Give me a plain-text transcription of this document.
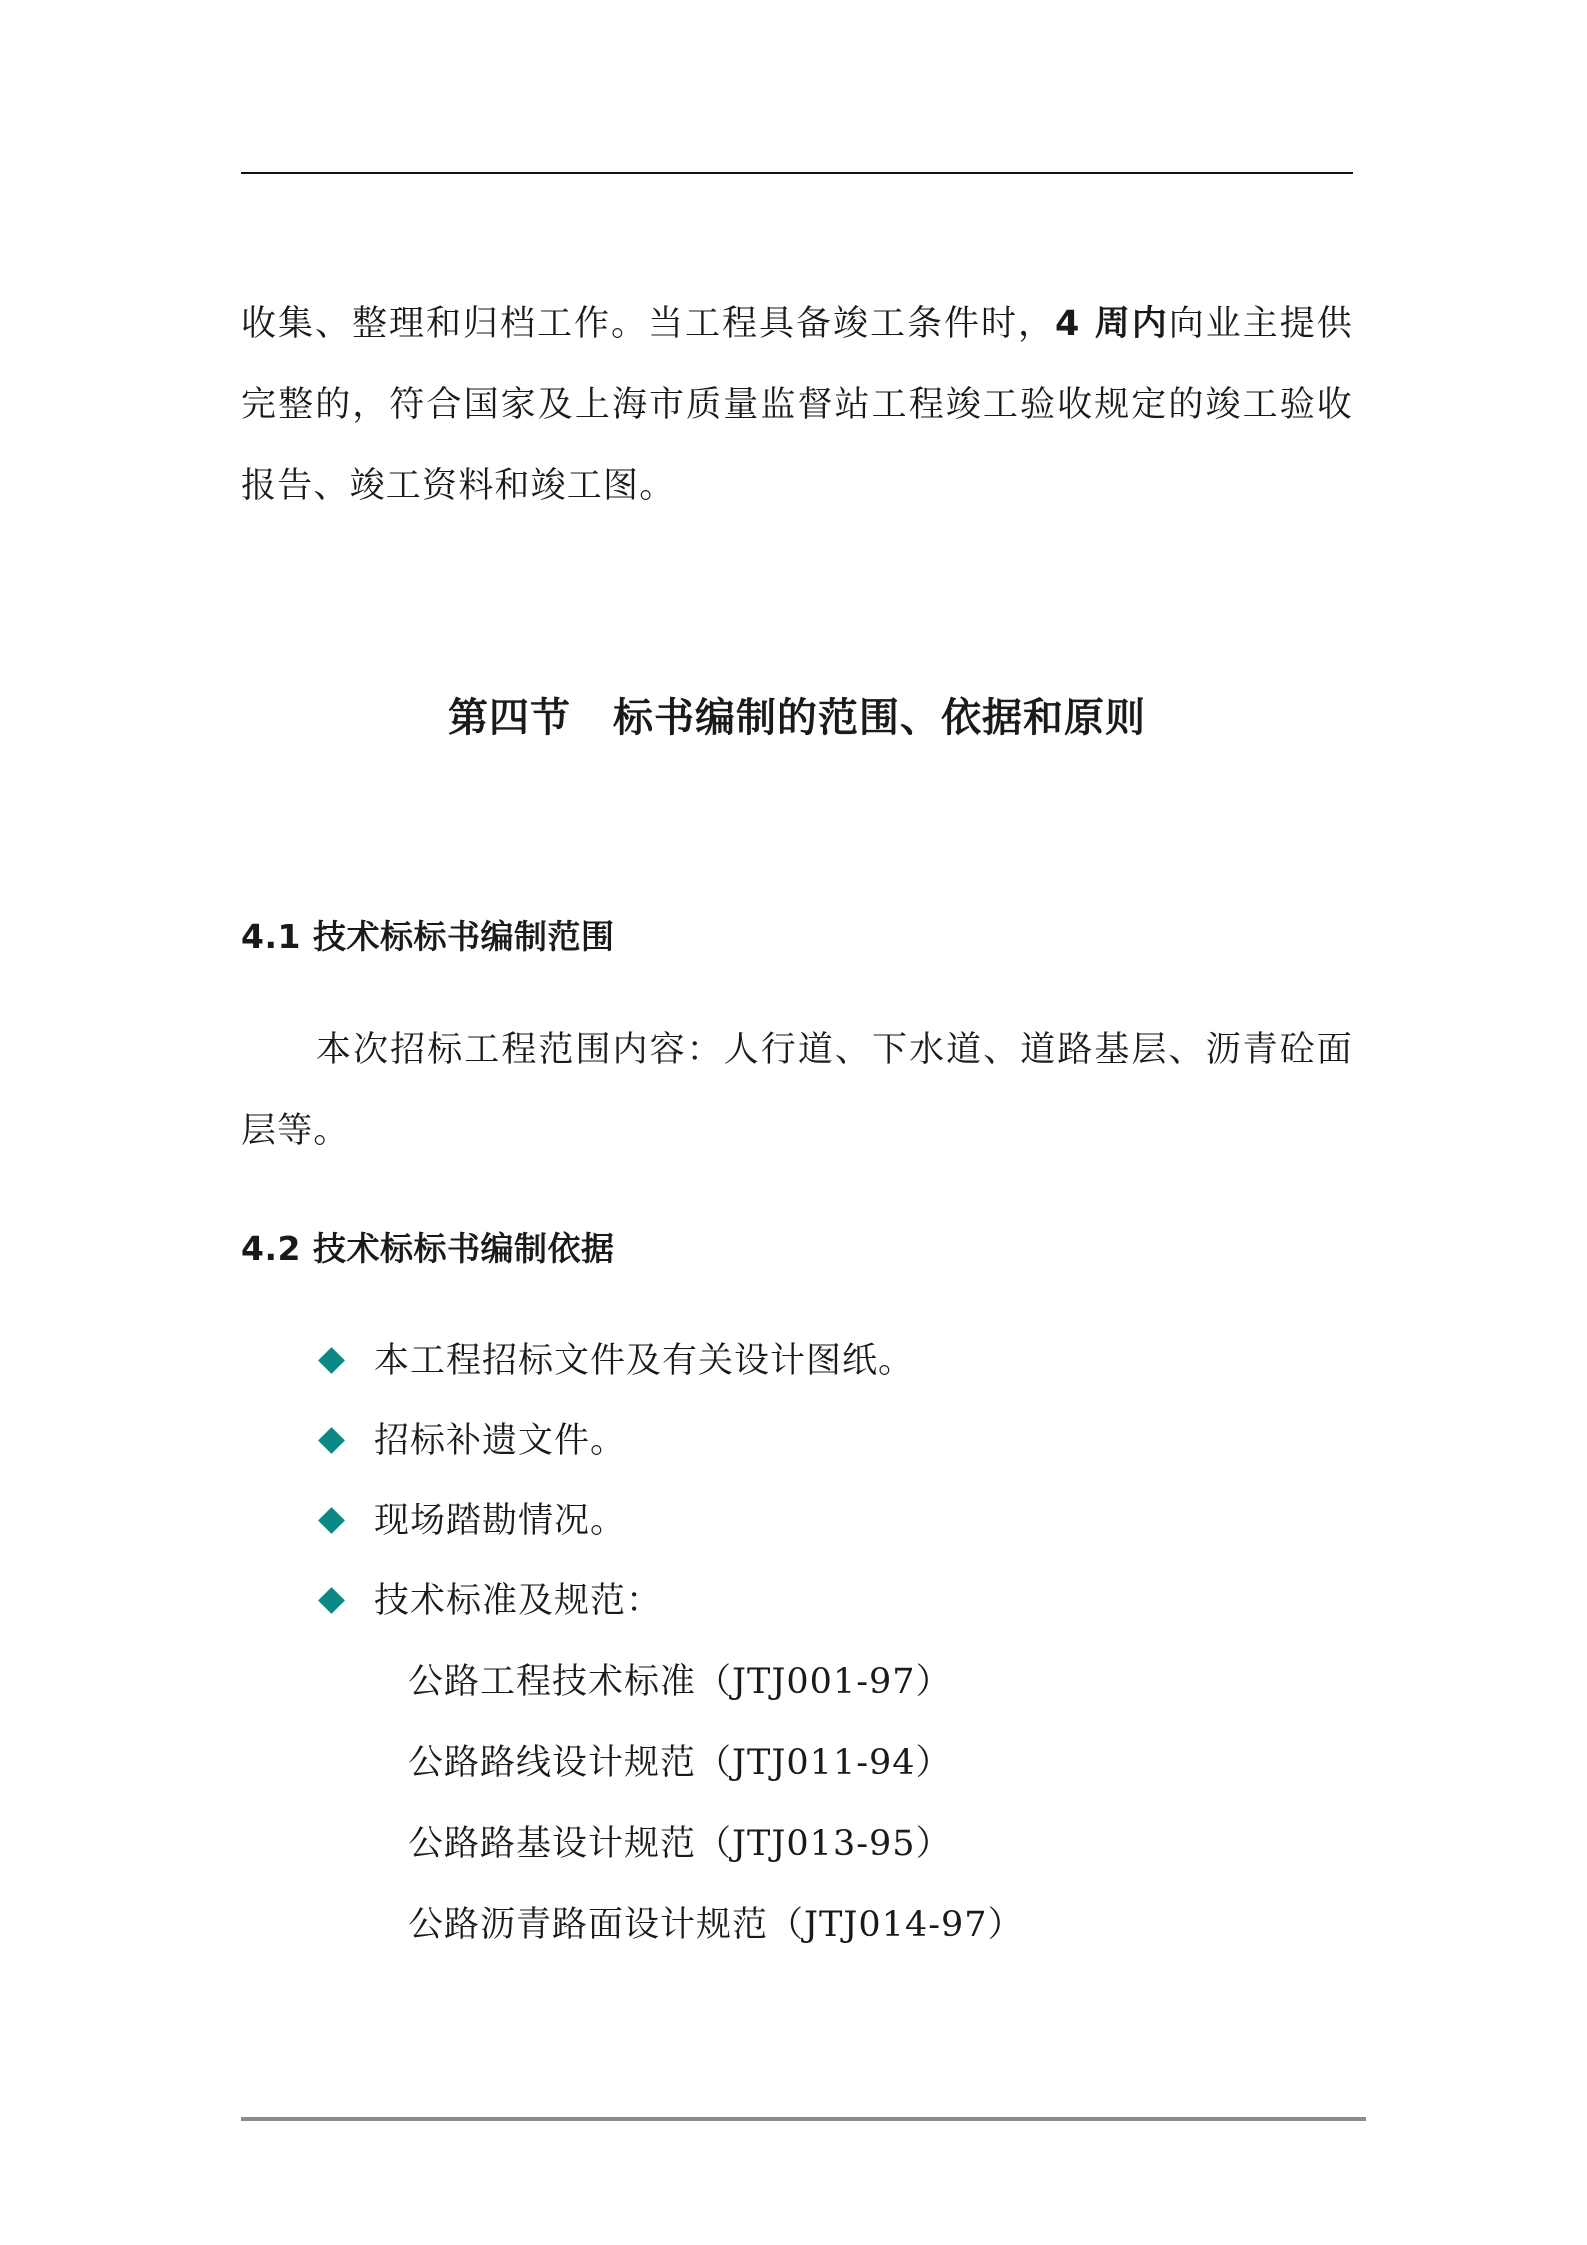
收集、整理和归档工作。当工程具备竣工条件时，4 周内向业主提供完整的，符合国家及上海市质量监督站工程竣工验收规定的竣工验收报告、竣工资料和竣工图。

第四节 标书编制的范围、依据和原则
4.1 技术标标书编制范围

本次招标工程范围内容：人行道、下水道、道路基层、沥青砼面层等。

4.2 技术标标书编制依据
本工程招标文件及有关设计图纸。
招标补遗文件。
现场踏勘情况。
技术标准及规范：
公路工程技术标准（JTJ001-97）
公路路线设计规范（JTJ011-94）
公路路基设计规范（JTJ013-95）
公路沥青路面设计规范（JTJ014-97）
